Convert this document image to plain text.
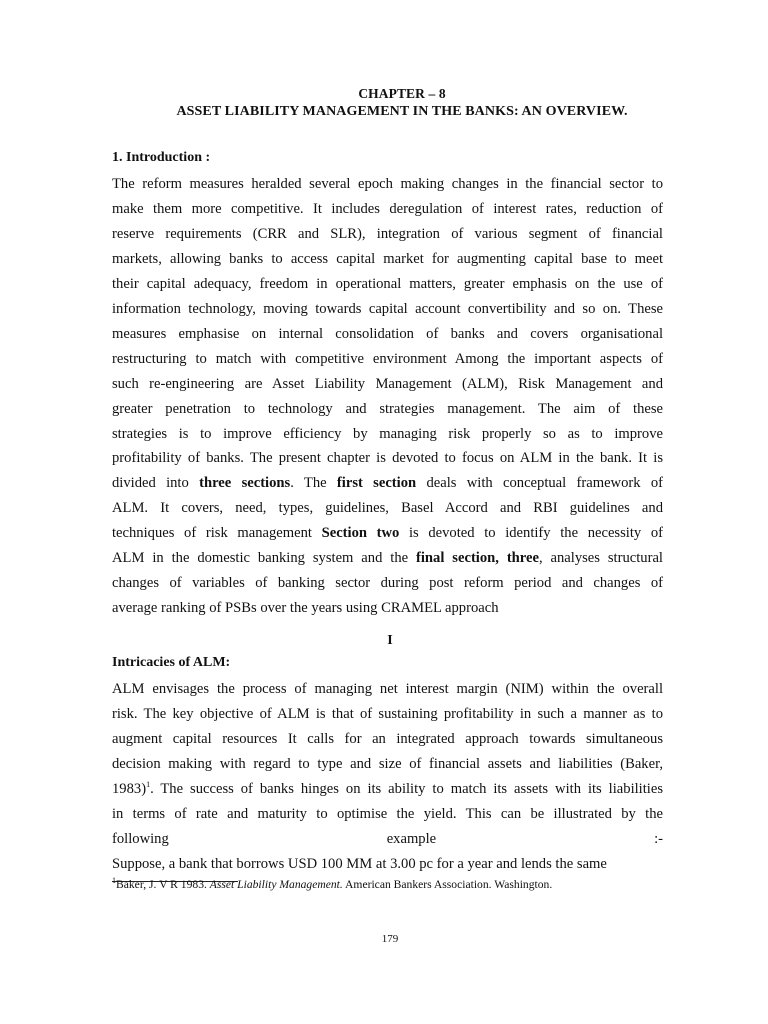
CHAPTER – 8
ASSET LIABILITY MANAGEMENT IN THE BANKS: AN OVERVIEW.
1. Introduction :
The reform measures heralded several epoch making changes in the financial sector to
make them more competitive. It includes deregulation of interest rates, reduction of
reserve requirements (CRR and SLR), integration of various segment of financial
markets, allowing banks to access capital market for augmenting capital base to meet
their capital adequacy, freedom in operational matters, greater emphasis on the use of
information technology, moving towards capital account convertibility and so on. These
measures emphasise on internal consolidation of banks and covers organisational
restructuring to match with competitive environment Among the important aspects of
such re-engineering are Asset Liability Management (ALM), Risk Management and
greater penetration to technology and strategies management. The aim of these
strategies is to improve efficiency by managing risk properly so as to improve
profitability of banks. The present chapter is devoted to focus on ALM in the bank. It is
divided into three sections. The first section deals with conceptual framework of
ALM. It covers, need, types, guidelines, Basel Accord and RBI guidelines and
techniques of risk management Section two is devoted to identify the necessity of
ALM in the domestic banking system and the final section, three, analyses structural
changes of variables of banking sector during post reform period and changes of
average ranking of PSBs over the years using CRAMEL approach
I
Intricacies of ALM:
ALM envisages the process of managing net interest margin (NIM) within the overall
risk. The key objective of ALM is that of sustaining profitability in such a manner as to
augment capital resources It calls for an integrated approach towards simultaneous
decision making with regard to type and size of financial assets and liabilities (Baker,
1983)$^1$. The success of banks hinges on its ability to match its assets with its liabilities
in terms of rate and maturity to optimise the yield. This can be illustrated by the
following example :-
Suppose, a bank that borrows USD 100 MM at 3.00 pc for a year and lends the same
$^1$Baker, J. V R 1983. Asset Liability Management. American Bankers Association. Washington.
179
